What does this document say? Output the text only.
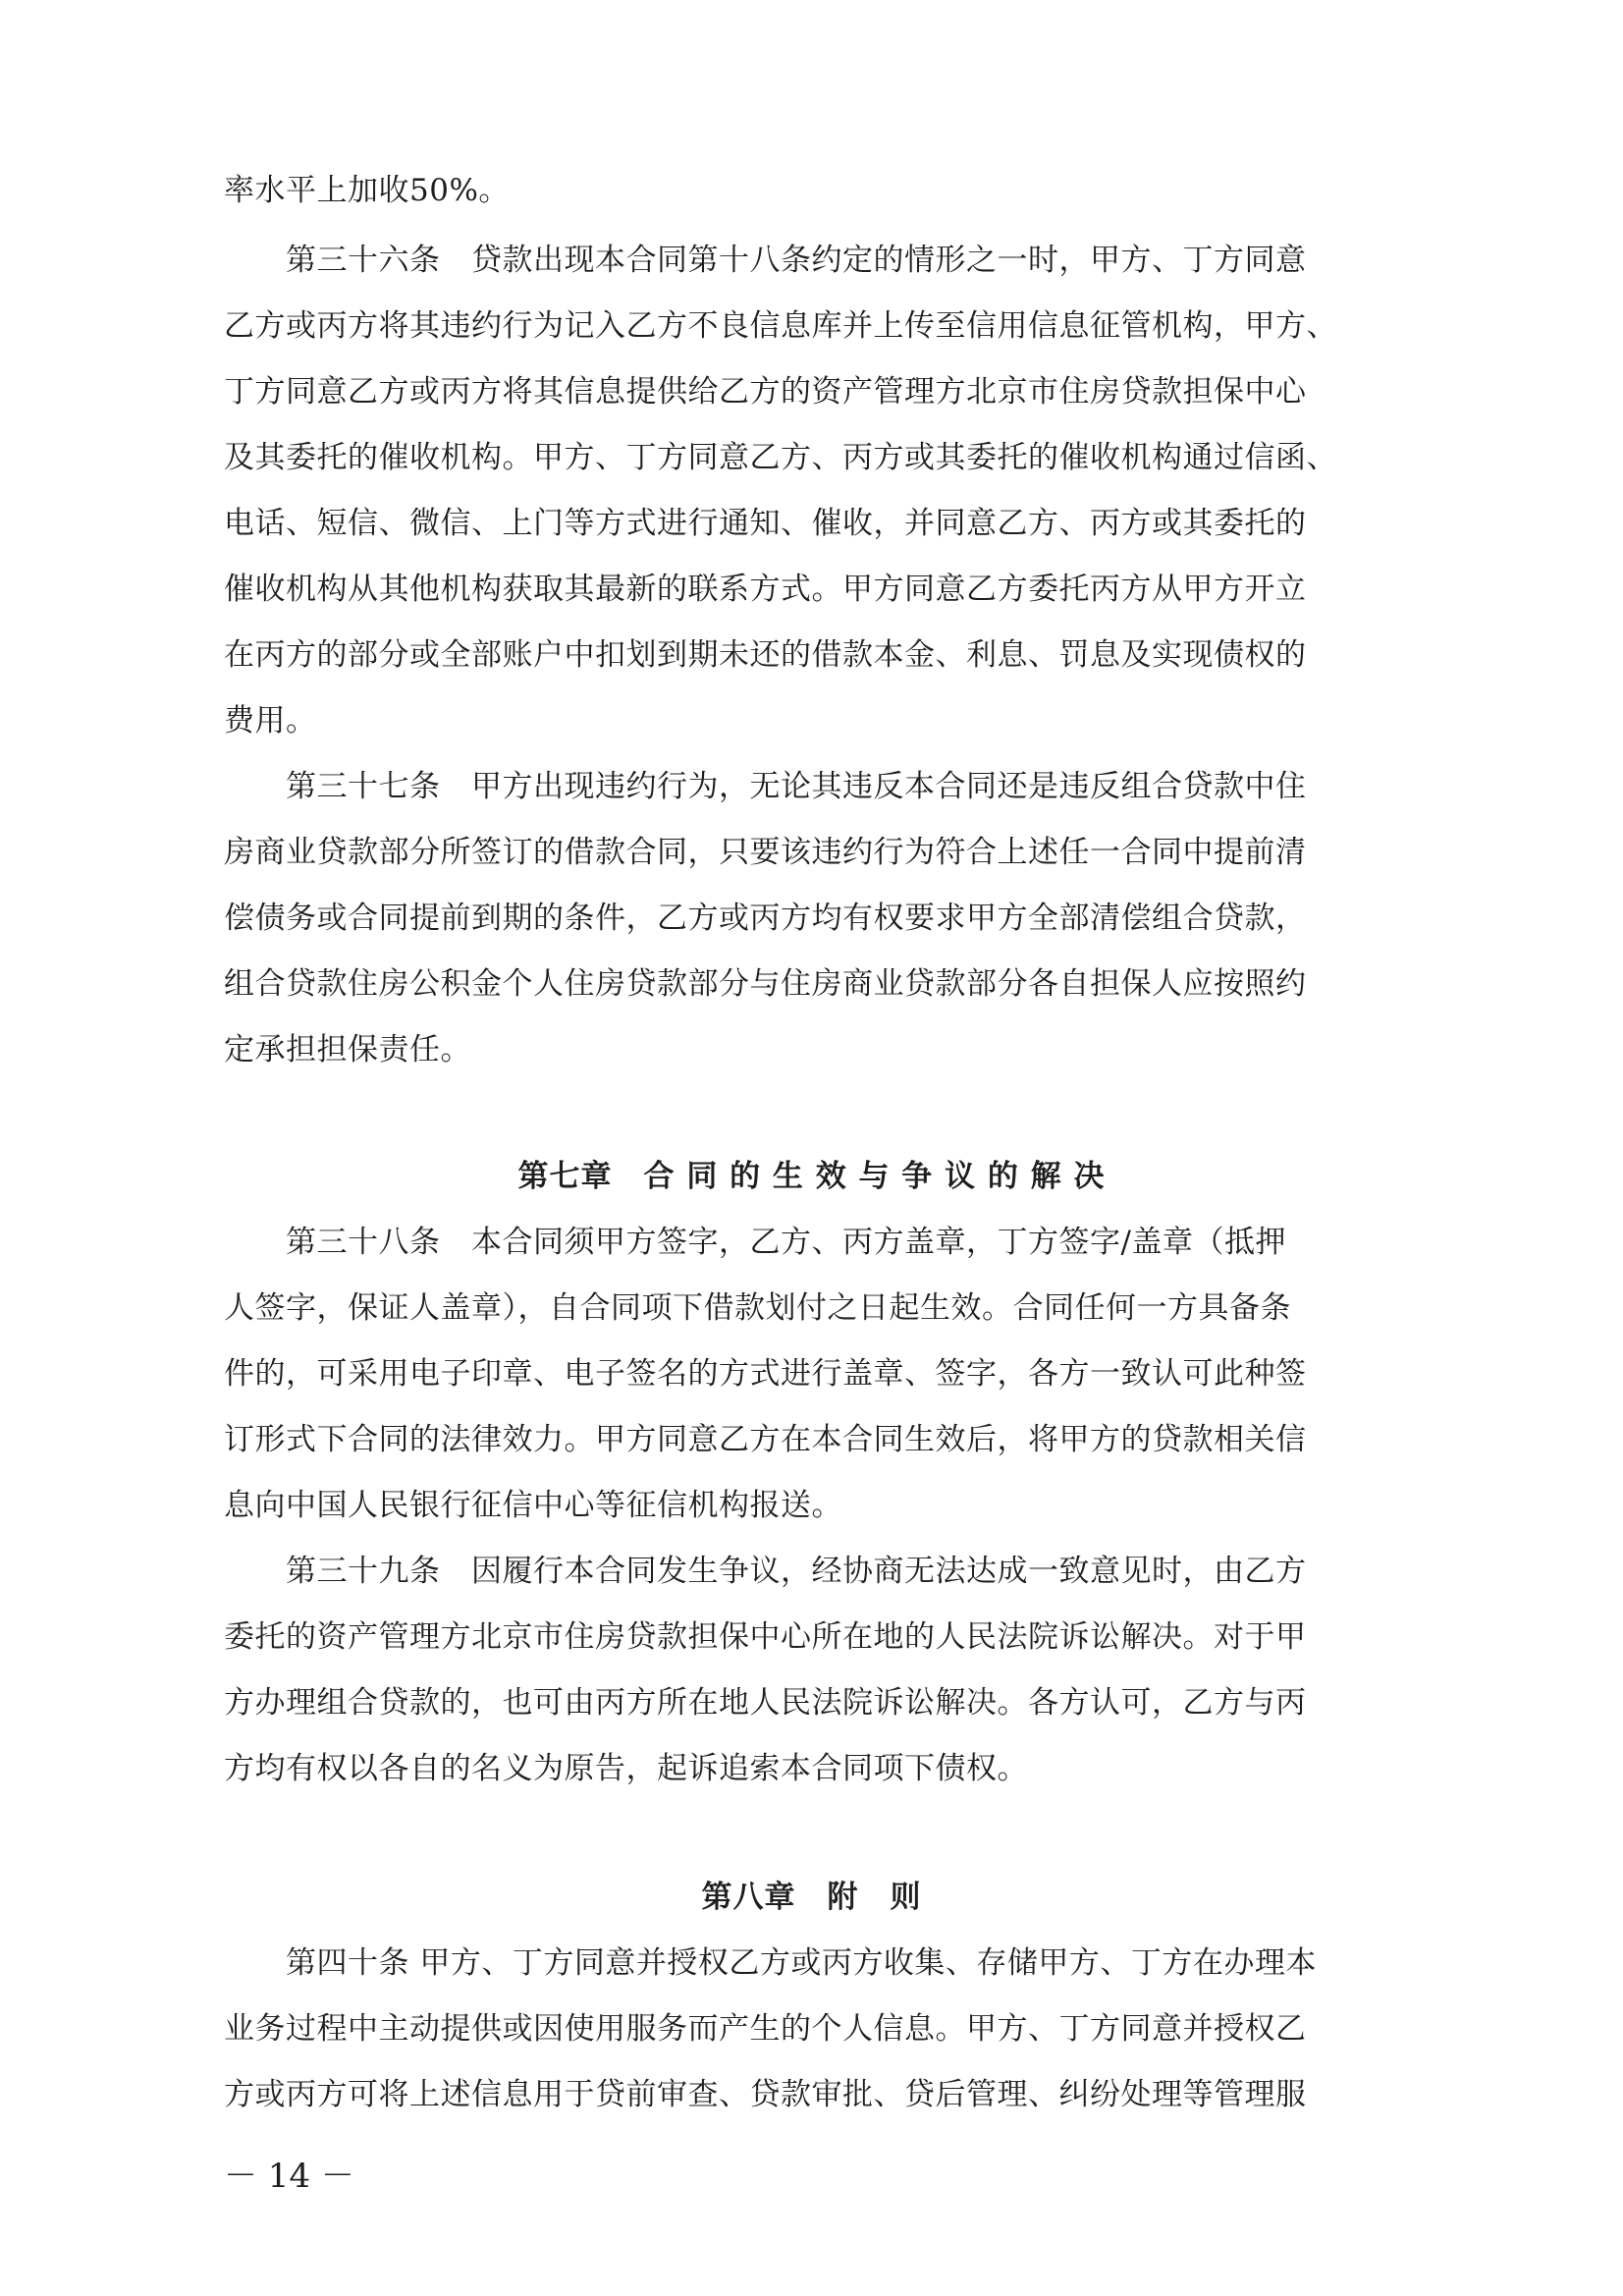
率水平上加收50%。
　　第三十六条　贷款出现本合同第十八条约定的情形之一时，甲方、丁方同意
乙方或丙方将其违约行为记入乙方不良信息库并上传至信用信息征管机构，甲方、
丁方同意乙方或丙方将其信息提供给乙方的资产管理方北京市住房贷款担保中心
及其委托的催收机构。甲方、丁方同意乙方、丙方或其委托的催收机构通过信函、
电话、短信、微信、上门等方式进行通知、催收，并同意乙方、丙方或其委托的
催收机构从其他机构获取其最新的联系方式。甲方同意乙方委托丙方从甲方开立
在丙方的部分或全部账户中扣划到期未还的借款本金、利息、罚息及实现债权的
费用。
　　第三十七条　甲方出现违约行为，无论其违反本合同还是违反组合贷款中住
房商业贷款部分所签订的借款合同，只要该违约行为符合上述任一合同中提前清
偿债务或合同提前到期的条件，乙方或丙方均有权要求甲方全部清偿组合贷款，
组合贷款住房公积金个人住房贷款部分与住房商业贷款部分各自担保人应按照约
定承担担保责任。
第七章　合 同 的 生 效 与 争 议 的 解 决
　　第三十八条　本合同须甲方签字，乙方、丙方盖章，丁方签字/盖章（抵押
人签字，保证人盖章），自合同项下借款划付之日起生效。合同任何一方具备条
件的，可采用电子印章、电子签名的方式进行盖章、签字，各方一致认可此种签
订形式下合同的法律效力。甲方同意乙方在本合同生效后，将甲方的贷款相关信
息向中国人民银行征信中心等征信机构报送。
　　第三十九条　因履行本合同发生争议，经协商无法达成一致意见时，由乙方
委托的资产管理方北京市住房贷款担保中心所在地的人民法院诉讼解决。对于甲
方办理组合贷款的，也可由丙方所在地人民法院诉讼解决。各方认可，乙方与丙
方均有权以各自的名义为原告，起诉追索本合同项下债权。
第八章　附　则
　　第四十条 甲方、丁方同意并授权乙方或丙方收集、存储甲方、丁方在办理本
业务过程中主动提供或因使用服务而产生的个人信息。甲方、丁方同意并授权乙
方或丙方可将上述信息用于贷前审查、贷款审批、贷后管理、纠纷处理等管理服
－ 14 －
